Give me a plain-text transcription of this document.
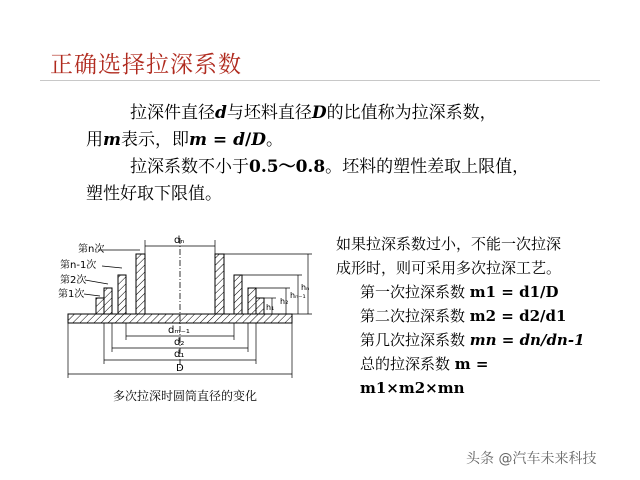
正确选择拉深系数
拉深件直径d与坯料直径D的比值称为拉深系数，
用m表示，即m = d/D。
拉深系数不小于0.5～0.8。坯料的塑性差取上限值，
塑性好取下限值。
第n次
第n-1次
第2次
第1次
dₙ
dₘ₋₁
d₂
d₁
D
h₁
h₂
hₙ₋₁
hₙ
多次拉深时圆筒直径的变化
如果拉深系数过小，不能一次拉深
成形时，则可采用多次拉深工艺。
第一次拉深系数 m1 = d1/D
第二次拉深系数 m2 = d2/d1
第几次拉深系数 mn = dn/dn-1
总的拉深系数 m =
m1×m2×mn
头条 @汽车未来科技
